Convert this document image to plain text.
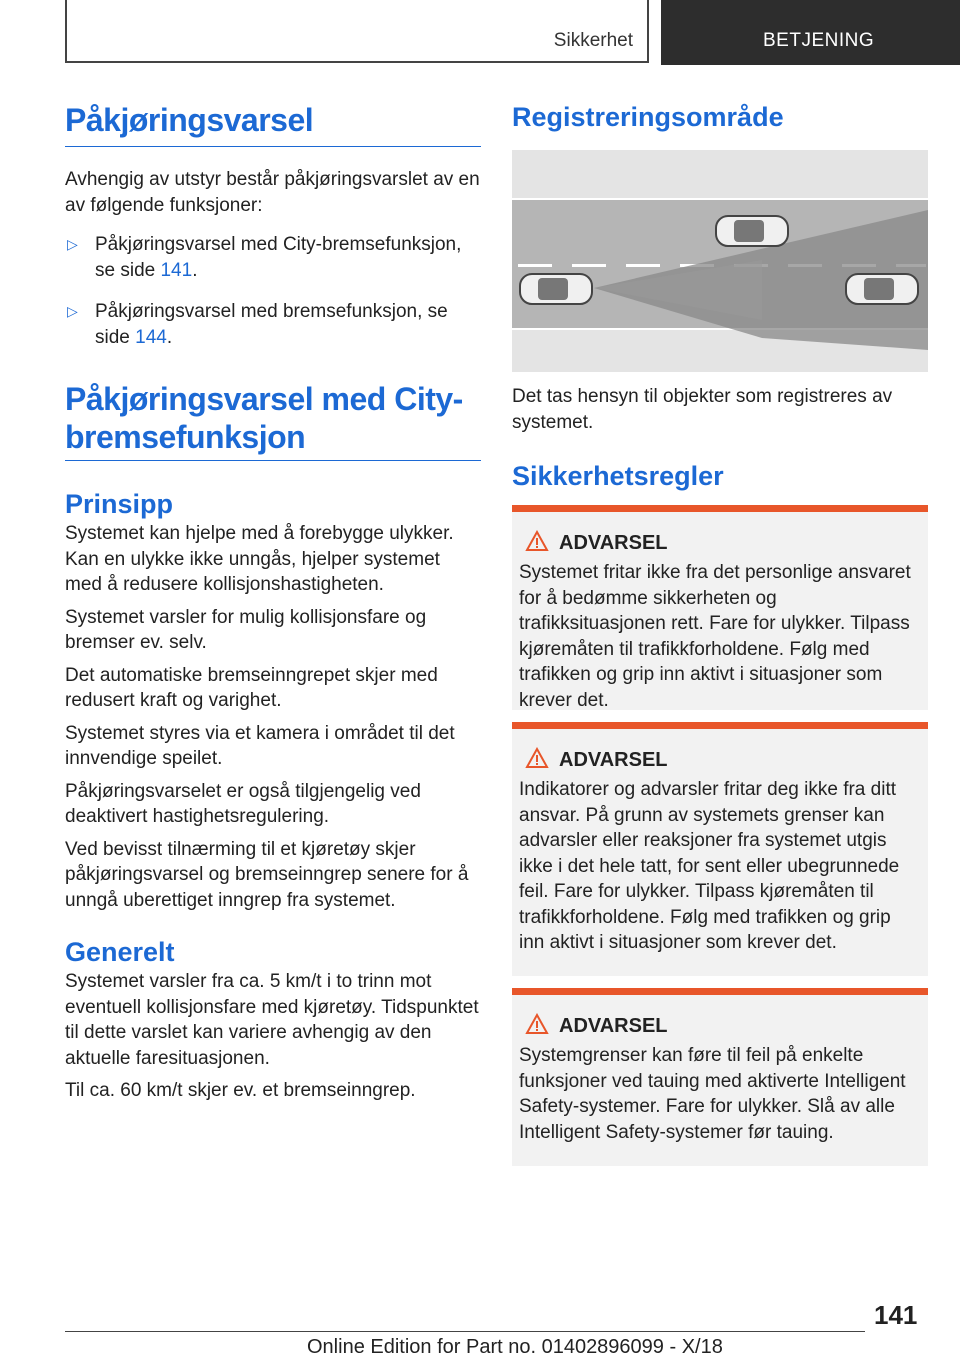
Sikkerhet	BETJENING
Påkjøringsvarsel

Avhengig av utstyr består påkjøringsvarslet av en av følgende funksjoner:

▷ Påkjøringsvarsel med City-bremsefunksjon, se side 141.
▷ Påkjøringsvarsel med bremsefunksjon, se side 144.
Påkjøringsvarsel med City-
bremsefunksjon
Prinsipp

Systemet kan hjelpe med å forebygge ulykker. Kan en ulykke ikke unngås, hjelper systemet med å redusere kollisjonshastigheten.

Systemet varsler for mulig kollisjonsfare og bremser ev. selv.

Det automatiske bremseinngrepet skjer med redusert kraft og varighet.

Systemet styres via et kamera i området til det innvendige speilet.

Påkjøringsvarselet er også tilgjengelig ved deaktivert hastighetsregulering.

Ved bevisst tilnærming til et kjøretøy skjer påkjøringsvarsel og bremseinngrep senere for å unngå uberettiget inngrep fra systemet.

Generelt

Systemet varsler fra ca. 5 km/t i to trinn mot eventuell kollisjonsfare med kjøretøy. Tidspunktet til dette varslet kan variere avhengig av den aktuelle faresituasjonen.

Til ca. 60 km/t skjer ev. et bremseinngrep.

Registreringsområde

Det tas hensyn til objekter som registreres av systemet.

Sikkerhetsregler
ADVARSEL

Systemet fritar ikke fra det personlige ansvaret for å bedømme sikkerheten og trafikksituasjonen rett. Fare for ulykker. Tilpass kjøremåten til trafikkforholdene. Følg med trafikken og grip inn aktivt i situasjoner som krever det.

ADVARSEL

Indikatorer og advarsler fritar deg ikke fra ditt ansvar. På grunn av systemets grenser kan advarsler eller reaksjoner fra systemet utgis ikke i det hele tatt, for sent eller ubegrunnede feil. Fare for ulykker. Tilpass kjøremåten til trafikkforholdene. Følg med trafikken og grip inn aktivt i situasjoner som krever det.

ADVARSEL

Systemgrenser kan føre til feil på enkelte funksjoner ved tauing med aktiverte Intelligent Safety-systemer. Fare for ulykker. Slå av alle Intelligent Safety-systemer før tauing.

141
Online Edition for Part no. 01402896099 - X/18
